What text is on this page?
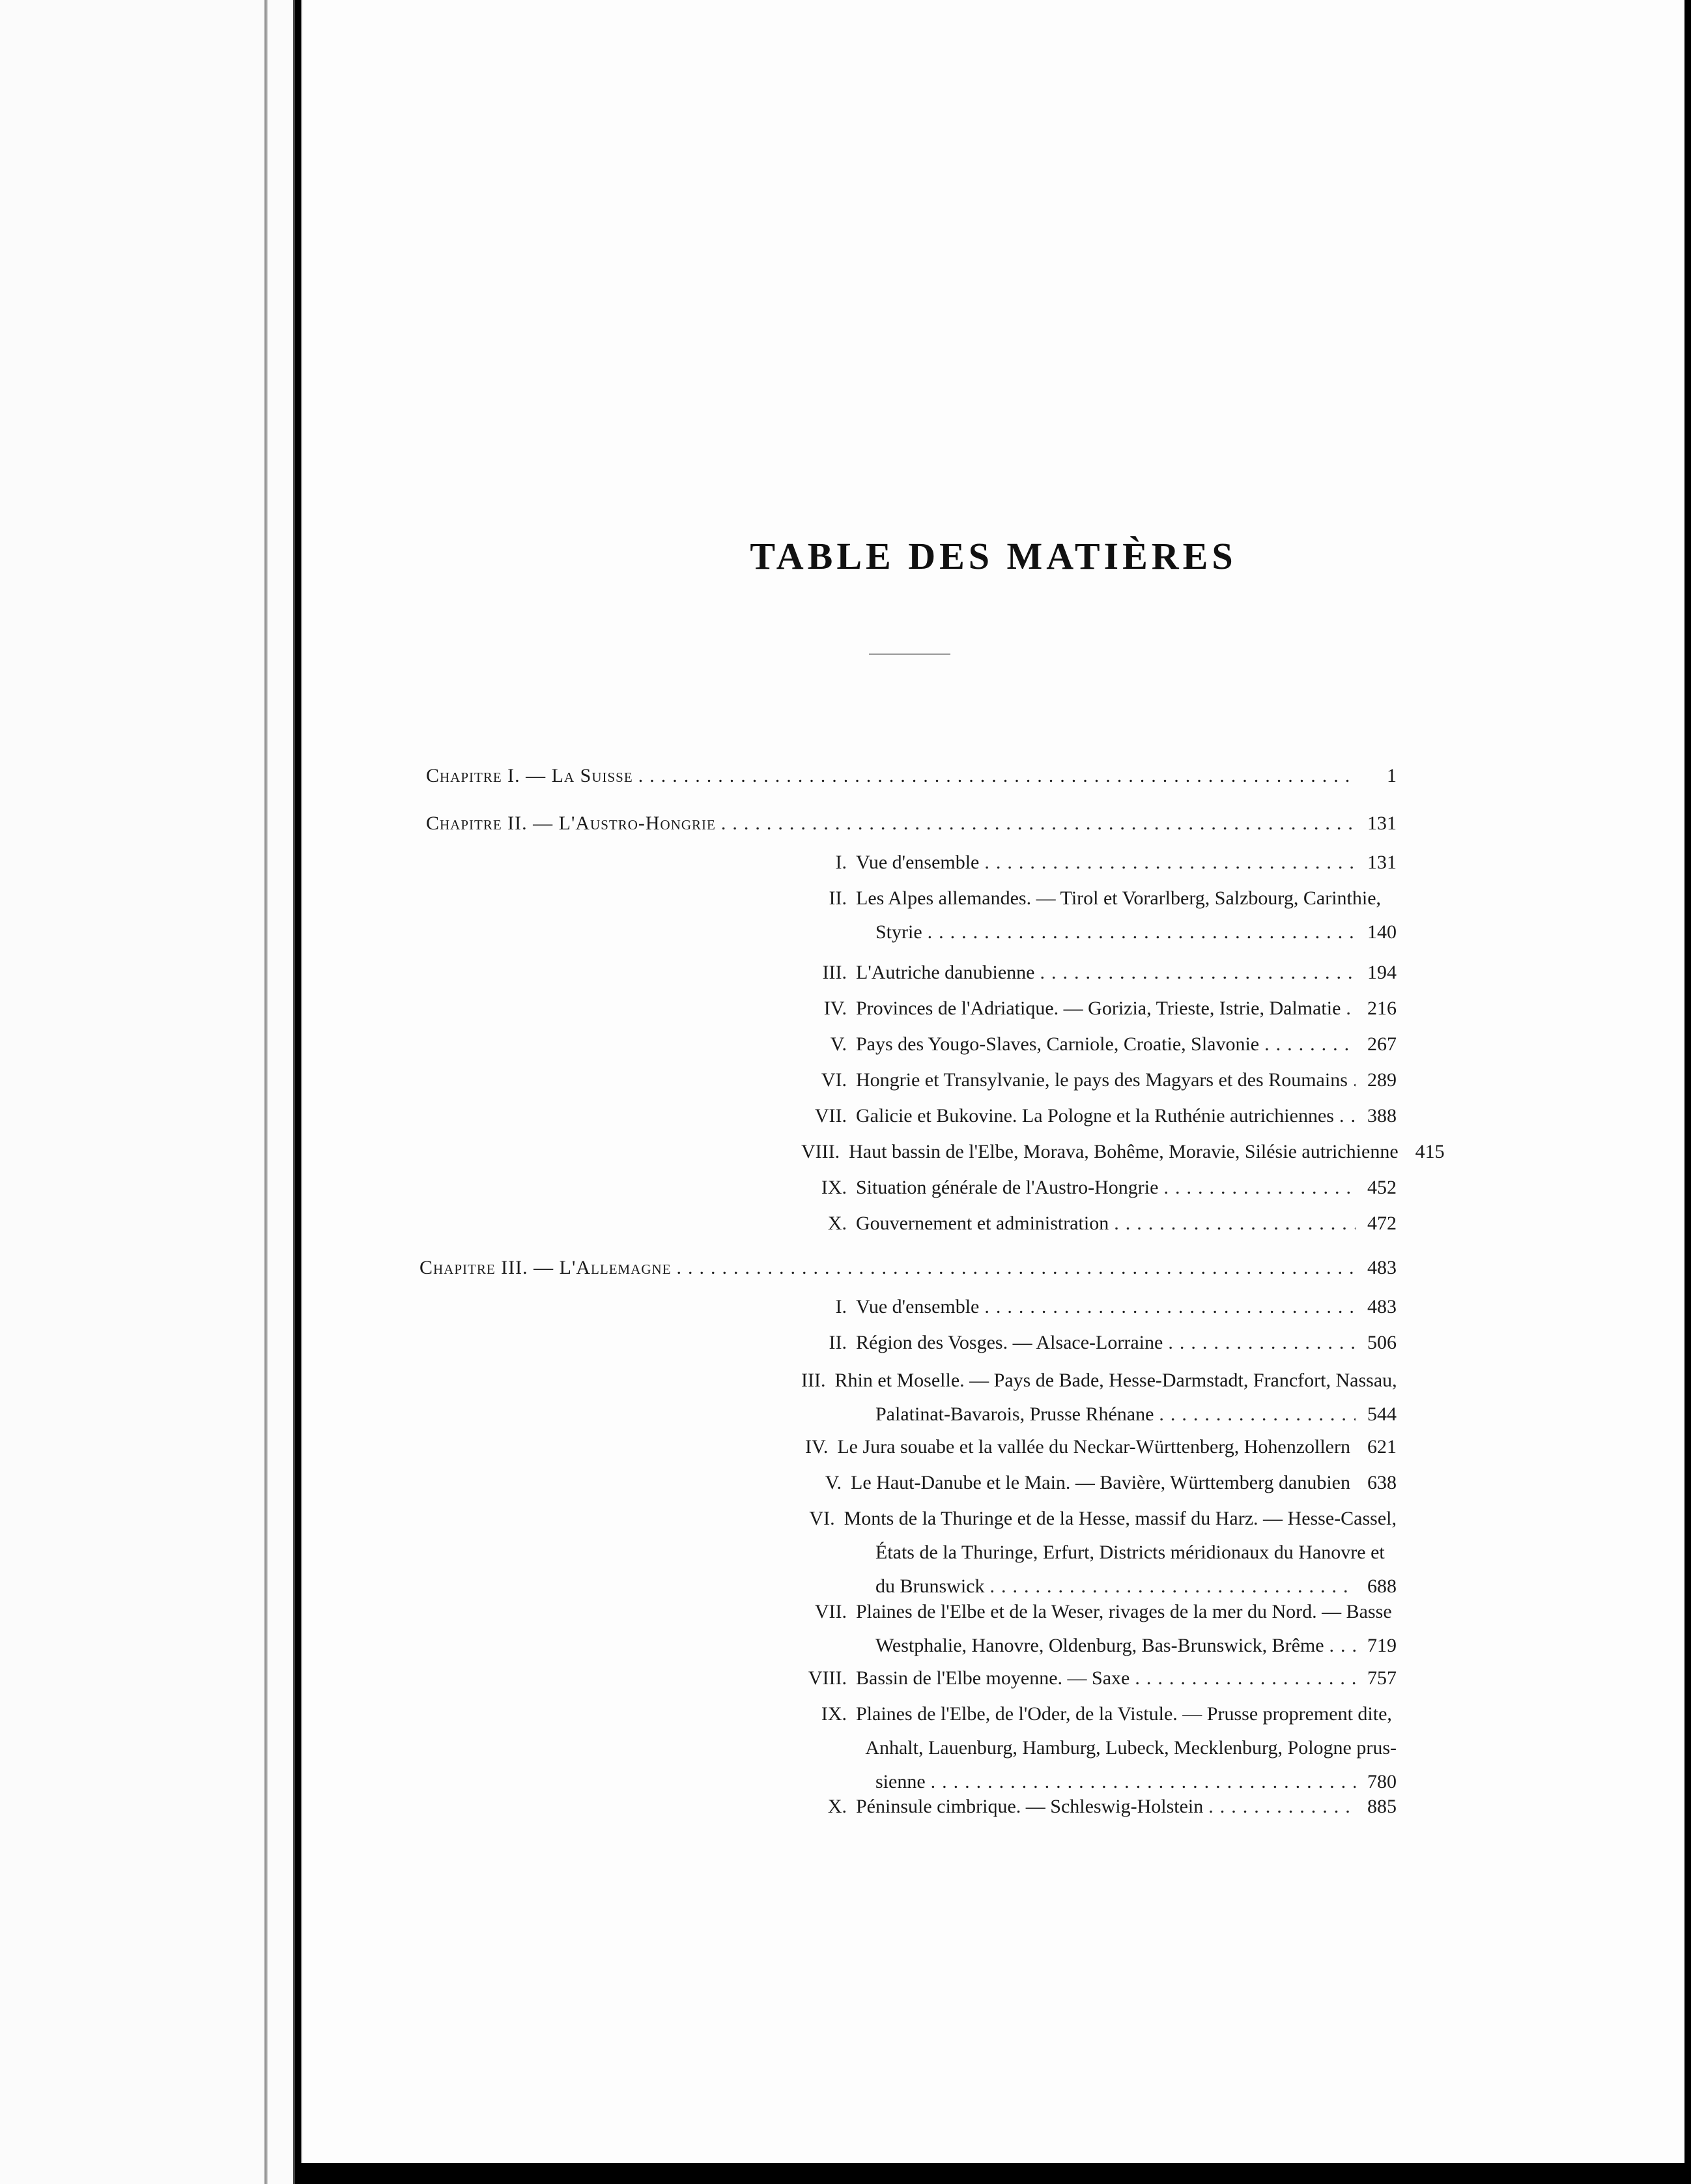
TABLE DES MATIÈRES
Chapitre I. — La Suisse .....	1
Chapitre II. — L'Austro-Hongrie .....	131
I. Vue d'ensemble .....	131
II. Les Alpes allemandes. — Tirol et Vorarlberg, Salzbourg, Carinthie,
Styrie .....	140
III. L'Autriche danubienne .....	194
IV. Provinces de l'Adriatique. — Gorizia, Trieste, Istrie, Dalmatie .....	216
V. Pays des Yougo-Slaves, Carniole, Croatie, Slavonie .....	267
VI. Hongrie et Transylvanie, le pays des Magyars et des Roumains .....	289
VII. Galicie et Bukovine. La Pologne et la Ruthénie autrichiennes .....	388
VIII. Haut bassin de l'Elbe, Morava, Bohême, Moravie, Silésie autrichienne 415
IX. Situation générale de l'Austro-Hongrie .....	452
X. Gouvernement et administration .....	472
Chapitre III. — L'Allemagne .....	483
I. Vue d'ensemble .....	483
II. Région des Vosges. — Alsace-Lorraine .....	506
III. Rhin et Moselle. — Pays de Bade, Hesse-Darmstadt, Francfort, Nassau,
Palatinat-Bavarois, Prusse Rhénane .....	544
IV. Le Jura souabe et la vallée du Neckar-Württenberg, Hohenzollern 621
V. Le Haut-Danube et le Main. — Bavière, Württemberg danubien 638
VI. Monts de la Thuringe et de la Hesse, massif du Harz. — Hesse-Cassel,
États de la Thuringe, Erfurt, Districts méridionaux du Hanovre et
du Brunswick .....	688
VII. Plaines de l'Elbe et de la Weser, rivages de la mer du Nord. — Basse
Westphalie, Hanovre, Oldenburg, Bas-Brunswick, Brême .....	719
VIII. Bassin de l'Elbe moyenne. — Saxe .....	757
IX. Plaines de l'Elbe, de l'Oder, de la Vistule. — Prusse proprement dite,
Anhalt, Lauenburg, Hamburg, Lubeck, Mecklenburg, Pologne prus-
sienne .....	780
X. Péninsule cimbrique. — Schleswig-Holstein .....	885
